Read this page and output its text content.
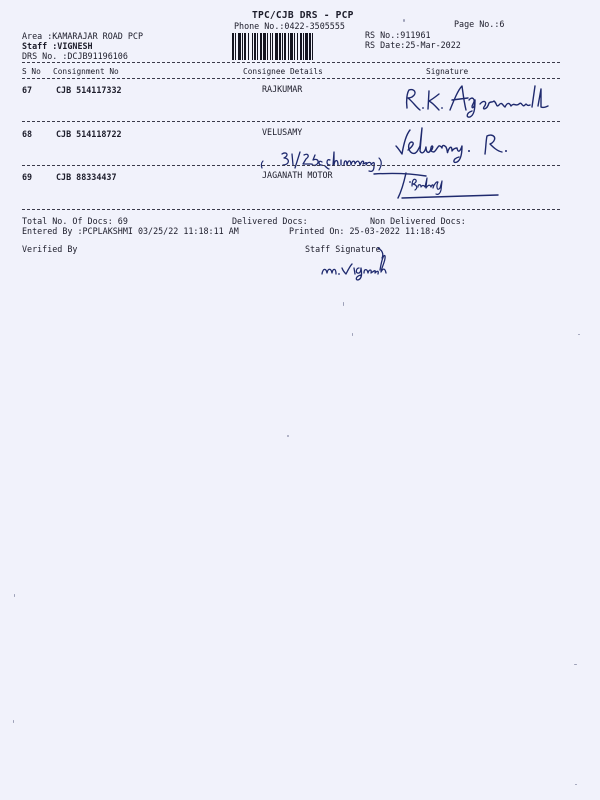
TPC/CJB DRS - PCP
Phone No.:0422-3505555	Page No.:6
Area :KAMARAJAR ROAD PCP
Staff :VIGNESH
DRS No. :DCJB91196106
RS No.:911961
RS Date:25-Mar-2022
S No Consignment No	Consignee Details	Signature
67	CJB 514117332	RAJKUMAR
68	CJB 514118722	VELUSAMY
69	CJB 88334437	JAGANATH MOTOR
Total No. Of Docs: 69	Delivered Docs:	Non Delivered Docs:
Entered By :PCPLAKSHMI 03/25/22 11:18:11 AM	Printed On: 25-03-2022 11:18:45
Verified By	Staff Signature
